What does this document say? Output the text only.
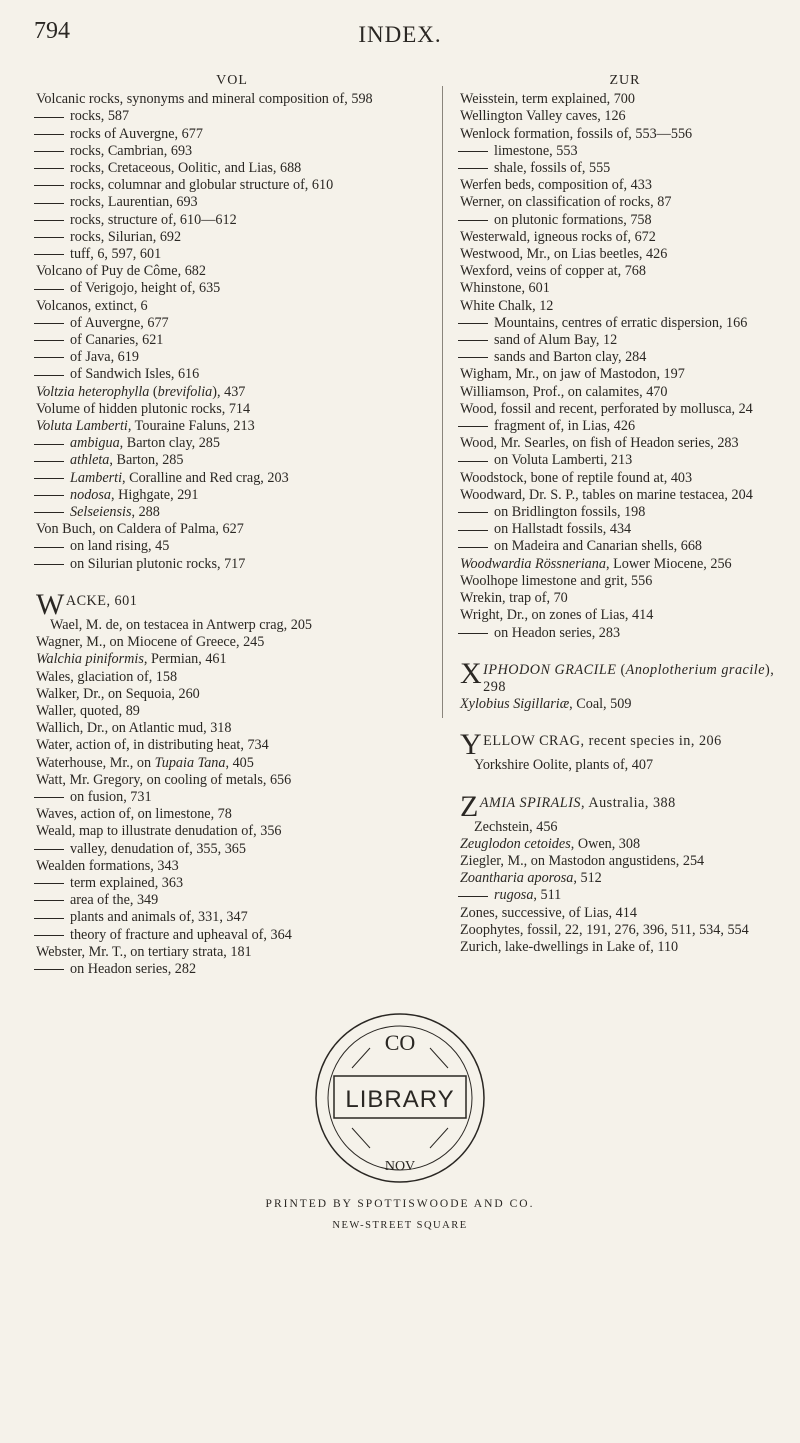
794	INDEX.
VOL
Volcanic rocks, synonyms and mineral composition of, 598
rocks, 587
rocks of Auvergne, 677
rocks, Cambrian, 693
rocks, Cretaceous, Oolitic, and Lias, 688
rocks, columnar and globular structure of, 610
rocks, Laurentian, 693
rocks, structure of, 610—612
rocks, Silurian, 692
tuff, 6, 597, 601
Volcano of Puy de Côme, 682
of Verigojo, height of, 635
Volcanos, extinct, 6
of Auvergne, 677
of Canaries, 621
of Java, 619
of Sandwich Isles, 616
Voltzia heterophylla (brevifolia), 437
Volume of hidden plutonic rocks, 714
Voluta Lamberti, Touraine Faluns, 213
ambigua, Barton clay, 285
athleta, Barton, 285
Lamberti, Coralline and Red crag, 203
nodosa, Highgate, 291
Selseiensis, 288
Von Buch, on Caldera of Palma, 627
on land rising, 45
on Silurian plutonic rocks, 717
WACKE, 601
Wael, M. de, on testacea in Antwerp crag, 205
Wagner, M., on Miocene of Greece, 245
Walchia piniformis, Permian, 461
Wales, glaciation of, 158
Walker, Dr., on Sequoia, 260
Waller, quoted, 89
Wallich, Dr., on Atlantic mud, 318
Water, action of, in distributing heat, 734
Waterhouse, Mr., on Tupaia Tana, 405
Watt, Mr. Gregory, on cooling of metals, 656
on fusion, 731
Waves, action of, on limestone, 78
Weald, map to illustrate denudation of, 356
valley, denudation of, 355, 365
Wealden formations, 343
term explained, 363
area of the, 349
plants and animals of, 331, 347
theory of fracture and upheaval of, 364
Webster, Mr. T., on tertiary strata, 181
on Headon series, 282
ZUR
Weisstein, term explained, 700
Wellington Valley caves, 126
Wenlock formation, fossils of, 553—556
limestone, 553
shale, fossils of, 555
Werfen beds, composition of, 433
Werner, on classification of rocks, 87
on plutonic formations, 758
Westerwald, igneous rocks of, 672
Westwood, Mr., on Lias beetles, 426
Wexford, veins of copper at, 768
Whinstone, 601
White Chalk, 12
Mountains, centres of erratic dispersion, 166
sand of Alum Bay, 12
sands and Barton clay, 284
Wigham, Mr., on jaw of Mastodon, 197
Williamson, Prof., on calamites, 470
Wood, fossil and recent, perforated by mollusca, 24
fragment of, in Lias, 426
Wood, Mr. Searles, on fish of Headon series, 283
on Voluta Lamberti, 213
Woodstock, bone of reptile found at, 403
Woodward, Dr. S. P., tables on marine testacea, 204
on Bridlington fossils, 198
on Hallstadt fossils, 434
on Madeira and Canarian shells, 668
Woodwardia Rössneriana, Lower Miocene, 256
Woolhope limestone and grit, 556
Wrekin, trap of, 70
Wright, Dr., on zones of Lias, 414
on Headon series, 283
XIPHODON GRACILE (Anoplotherium gracile), 298
Xylobius Sigillariæ, Coal, 509
YELLOW CRAG, recent species in, 206
Yorkshire Oolite, plants of, 407
ZAMIA SPIRALIS, Australia, 388
Zechstein, 456
Zeuglodon cetoides, Owen, 308
Ziegler, M., on Mastodon angustidens, 254
Zoantharia aporosa, 512
rugosa, 511
Zones, successive, of Lias, 414
Zoophytes, fossil, 22, 191, 276, 396, 511, 534, 554
Zurich, lake-dwellings in Lake of, 110
CO
LIBRARY
NOV
PRINTED BY SPOTTISWOODE AND CO.
NEW-STREET SQUARE
